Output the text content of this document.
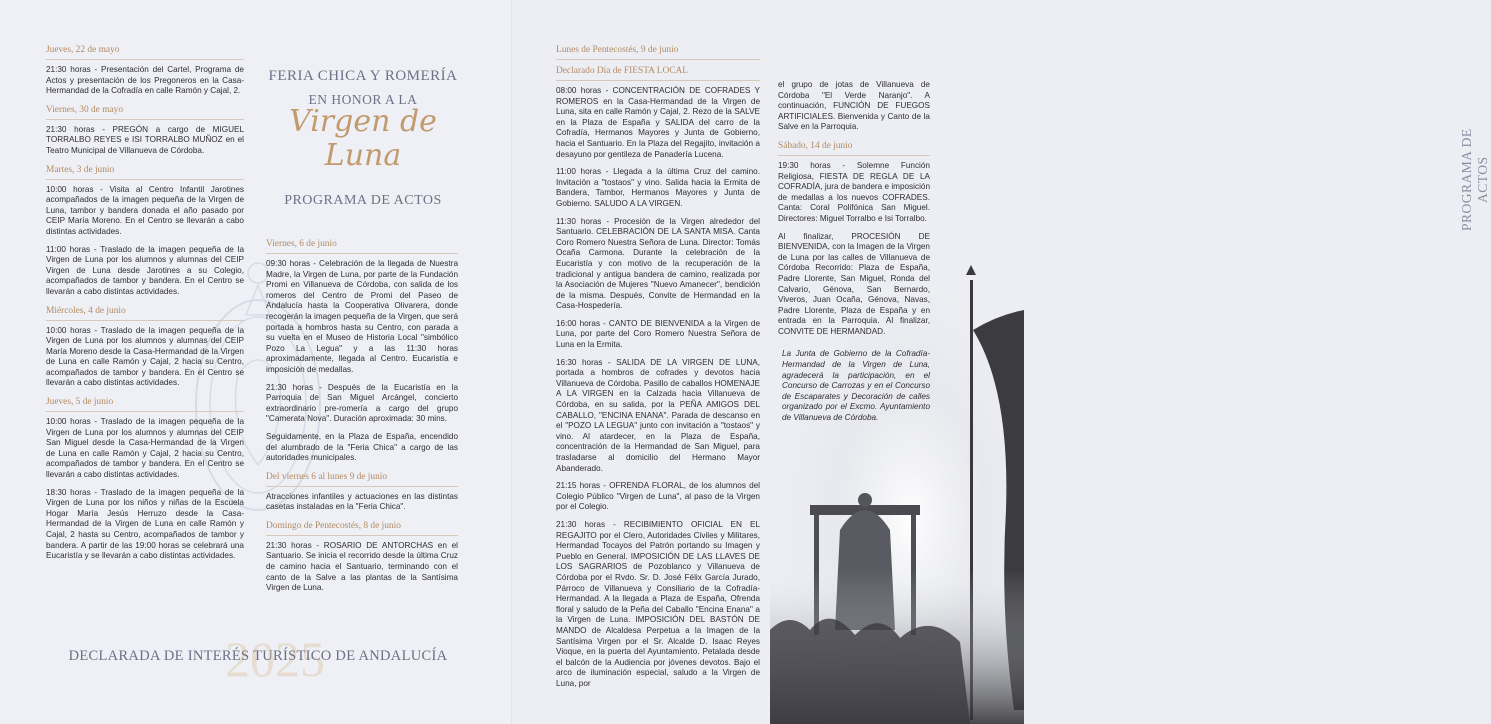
Jueves, 22 de mayo
21:30 horas - Presentación del Cartel, Programa de Actos y presentación de los Pregoneros en la Casa-Hermandad de la Cofradía en calle Ramón y Cajal, 2.
Viernes, 30 de mayo
21:30 horas - PREGÓN a cargo de MIGUEL TORRALBO REYES e ISI TORRALBO MUÑOZ en el Teatro Municipal de Villanueva de Córdoba.
Martes, 3 de junio
10:00 horas - Visita al Centro Infantil Jarotines acompañados de la imagen pequeña de la Virgen de Luna, tambor y bandera donada el año pasado por CEIP María Moreno. En el Centro se llevarán a cabo distintas actividades.
11:00 horas - Traslado de la imagen pequeña de la Virgen de Luna por los alumnos y alumnas del CEIP Virgen de Luna desde Jarotines a su Colegio, acompañados de tambor y bandera. En el Centro se llevarán a cabo distintas actividades.
Miércoles, 4 de junio
10:00 horas - Traslado de la imagen pequeña de la Virgen de Luna por los alumnos y alumnas del CEIP María Moreno desde la Casa-Hermandad de la Virgen de Luna en calle Ramón y Cajal, 2 hacia su Centro, acompañados de tambor y bandera. En el Centro se llevarán a cabo distintas actividades.
Jueves, 5 de junio
10:00 horas - Traslado de la imagen pequeña de la Virgen de Luna por los alumnos y alumnas del CEIP San Miguel desde la Casa-Hermandad de la Virgen de Luna en calle Ramón y Cajal, 2 hacia su Centro, acompañados de tambor y bandera. En el Centro se llevarán a cabo distintas actividades.
18:30 horas - Traslado de la imagen pequeña de la Virgen de Luna por los niños y niñas de la Escuela Hogar María Jesús Herruzo desde la Casa-Hermandad de la Virgen de Luna en calle Ramón y Cajal, 2 hasta su Centro, acompañados de tambor y bandera. A partir de las 19:00 horas se celebrará una Eucaristía y se llevarán a cabo distintas actividades.
FERIA CHICA Y ROMERÍA
EN HONOR A LA
Virgen de Luna
PROGRAMA DE ACTOS
Viernes, 6 de junio
09:30 horas - Celebración de la llegada de Nuestra Madre, la Virgen de Luna, por parte de la Fundación Promi en Villanueva de Córdoba, con salida de los romeros del Centro de Promi del Paseo de Andalucía hasta la Cooperativa Olivarera, donde recogerán la imagen pequeña de la Virgen, que será portada a hombros hasta su Centro, con parada a su vuelta en el Museo de Historia Local "simbólico Pozo La Legua" y a las 11:30 horas aproximadamente, llegada al Centro. Eucaristía e imposición de medallas.
21:30 horas - Después de la Eucaristía en la Parroquia de San Miguel Arcángel, concierto extraordinario pre-romería a cargo del grupo "Camerata Nova". Duración aproximada: 30 mins.
Seguidamente, en la Plaza de España, encendido del alumbrado de la "Feria Chica" a cargo de las autoridades municipales.
Del viernes 6 al lunes 9 de junio
Atracciones infantiles y actuaciones en las distintas casetas instaladas en la "Feria Chica".
Domingo de Pentecostés, 8 de junio
21:30 horas - ROSARIO DE ANTORCHAS en el Santuario. Se inicia el recorrido desde la última Cruz de camino hacia el Santuario, terminando con el canto de la Salve a las plantas de la Santísima Virgen de Luna.
2025
DECLARADA DE INTERÉS TURÍSTICO DE ANDALUCÍA
Lunes de Pentecostés, 9 de junio
Declarado Día de FIESTA LOCAL
08:00 horas - CONCENTRACIÓN DE COFRADES Y ROMEROS en la Casa-Hermandad de la Virgen de Luna, sita en calle Ramón y Cajal, 2. Rezo de la SALVE en la Plaza de España y SALIDA del carro de la Cofradía, Hermanos Mayores y Junta de Gobierno, hacia el Santuario. En la Plaza del Regajito, invitación a desayuno por gentileza de Panadería Lucena.
11:00 horas - Llegada a la última Cruz del camino. Invitación a "tostaos" y vino. Salida hacia la Ermita de Bandera, Tambor, Hermanos Mayores y Junta de Gobierno. SALUDO A LA VIRGEN.
11:30 horas - Procesión de la Virgen alrededor del Santuario. CELEBRACIÓN DE LA SANTA MISA. Canta Coro Romero Nuestra Señora de Luna. Director: Tomás Ocaña Carmona. Durante la celebración de la Eucaristía y con motivo de la recuperación de la tradicional y antigua bandera de camino, realizada por la Asociación de Mujeres "Nuevo Amanecer", bendición de la misma. Después, Convite de Hermandad en la Casa-Hospedería.
16:00 horas - CANTO DE BIENVENIDA a la Virgen de Luna, por parte del Coro Romero Nuestra Señora de Luna en la Ermita.
16:30 horas - SALIDA DE LA VIRGEN DE LUNA, portada a hombros de cofrades y devotos hacia Villanueva de Córdoba. Pasillo de caballos HOMENAJE A LA VIRGEN en la Calzada hacia Villanueva de Córdoba, en su salida, por la PEÑA AMIGOS DEL CABALLO, "ENCINA ENANA". Parada de descanso en el "POZO LA LEGUA" junto con invitación a "tostaos" y vino. Al atardecer, en la Plaza de España, concentración de la Hermandad de San Miguel, para trasladarse al domicilio del Hermano Mayor Abanderado.
21:15 horas - OFRENDA FLORAL, de los alumnos del Colegio Público "Virgen de Luna", al paso de la Virgen por el Colegio.
21:30 horas - RECIBIMIENTO OFICIAL EN EL REGAJITO por el Clero, Autoridades Civiles y Militares, Hermandad Tocayos del Patrón portando su Imagen y Pueblo en General. IMPOSICIÓN DE LAS LLAVES DE LOS SAGRARIOS de Pozoblanco y Villanueva de Córdoba por el Rvdo. Sr. D. José Félix García Jurado, Párroco de Villanueva y Consiliario de la Cofradía-Hermandad. A la llegada a Plaza de España, Ofrenda floral y saludo de la Peña del Caballo "Encina Enana" a la Virgen de Luna. IMPOSICIÓN DEL BASTÓN DE MANDO de Alcaldesa Perpetua a la Imagen de la Santísima Virgen por el Sr. Alcalde D. Isaac Reyes Vioque, en la puerta del Ayuntamiento. Petalada desde el balcón de la Audiencia por jóvenes devotos. Bajo el arco de iluminación especial, saludo a la Virgen de Luna, por
el grupo de jotas de Villanueva de Córdoba "El Verde Naranjo". A continuación, FUNCIÓN DE FUEGOS ARTIFICIALES. Bienvenida y Canto de la Salve en la Parroquia.
Sábado, 14 de junio
19:30 horas - Solemne Función Religiosa, FIESTA DE REGLA DE LA COFRADÍA, jura de bandera e imposición de medallas a los nuevos COFRADES. Canta: Coral Polifónica San Miguel. Directores: Miguel Torralbo e Isi Torralbo.
Al finalizar, PROCESIÓN DE BIENVENIDA, con la Imagen de la Virgen de Luna por las calles de Villanueva de Córdoba Recorrido: Plaza de España, Padre Llorente, San Miguel, Ronda del Calvario, Génova, San Bernardo, Viveros, Juan Ocaña, Génova, Navas, Padre Llorente, Plaza de España y en entrada en la Parroquia. Al finalizar, CONVITE DE HERMANDAD.
La Junta de Gobierno de la Cofradía-Hermandad de la Virgen de Luna, agradecerá la participación, en el Concurso de Carrozas y en el Concurso de Escaparates y Decoración de calles organizado por el Excmo. Ayuntamiento de Villanueva de Córdoba.
PROGRAMA DE ACTOS
